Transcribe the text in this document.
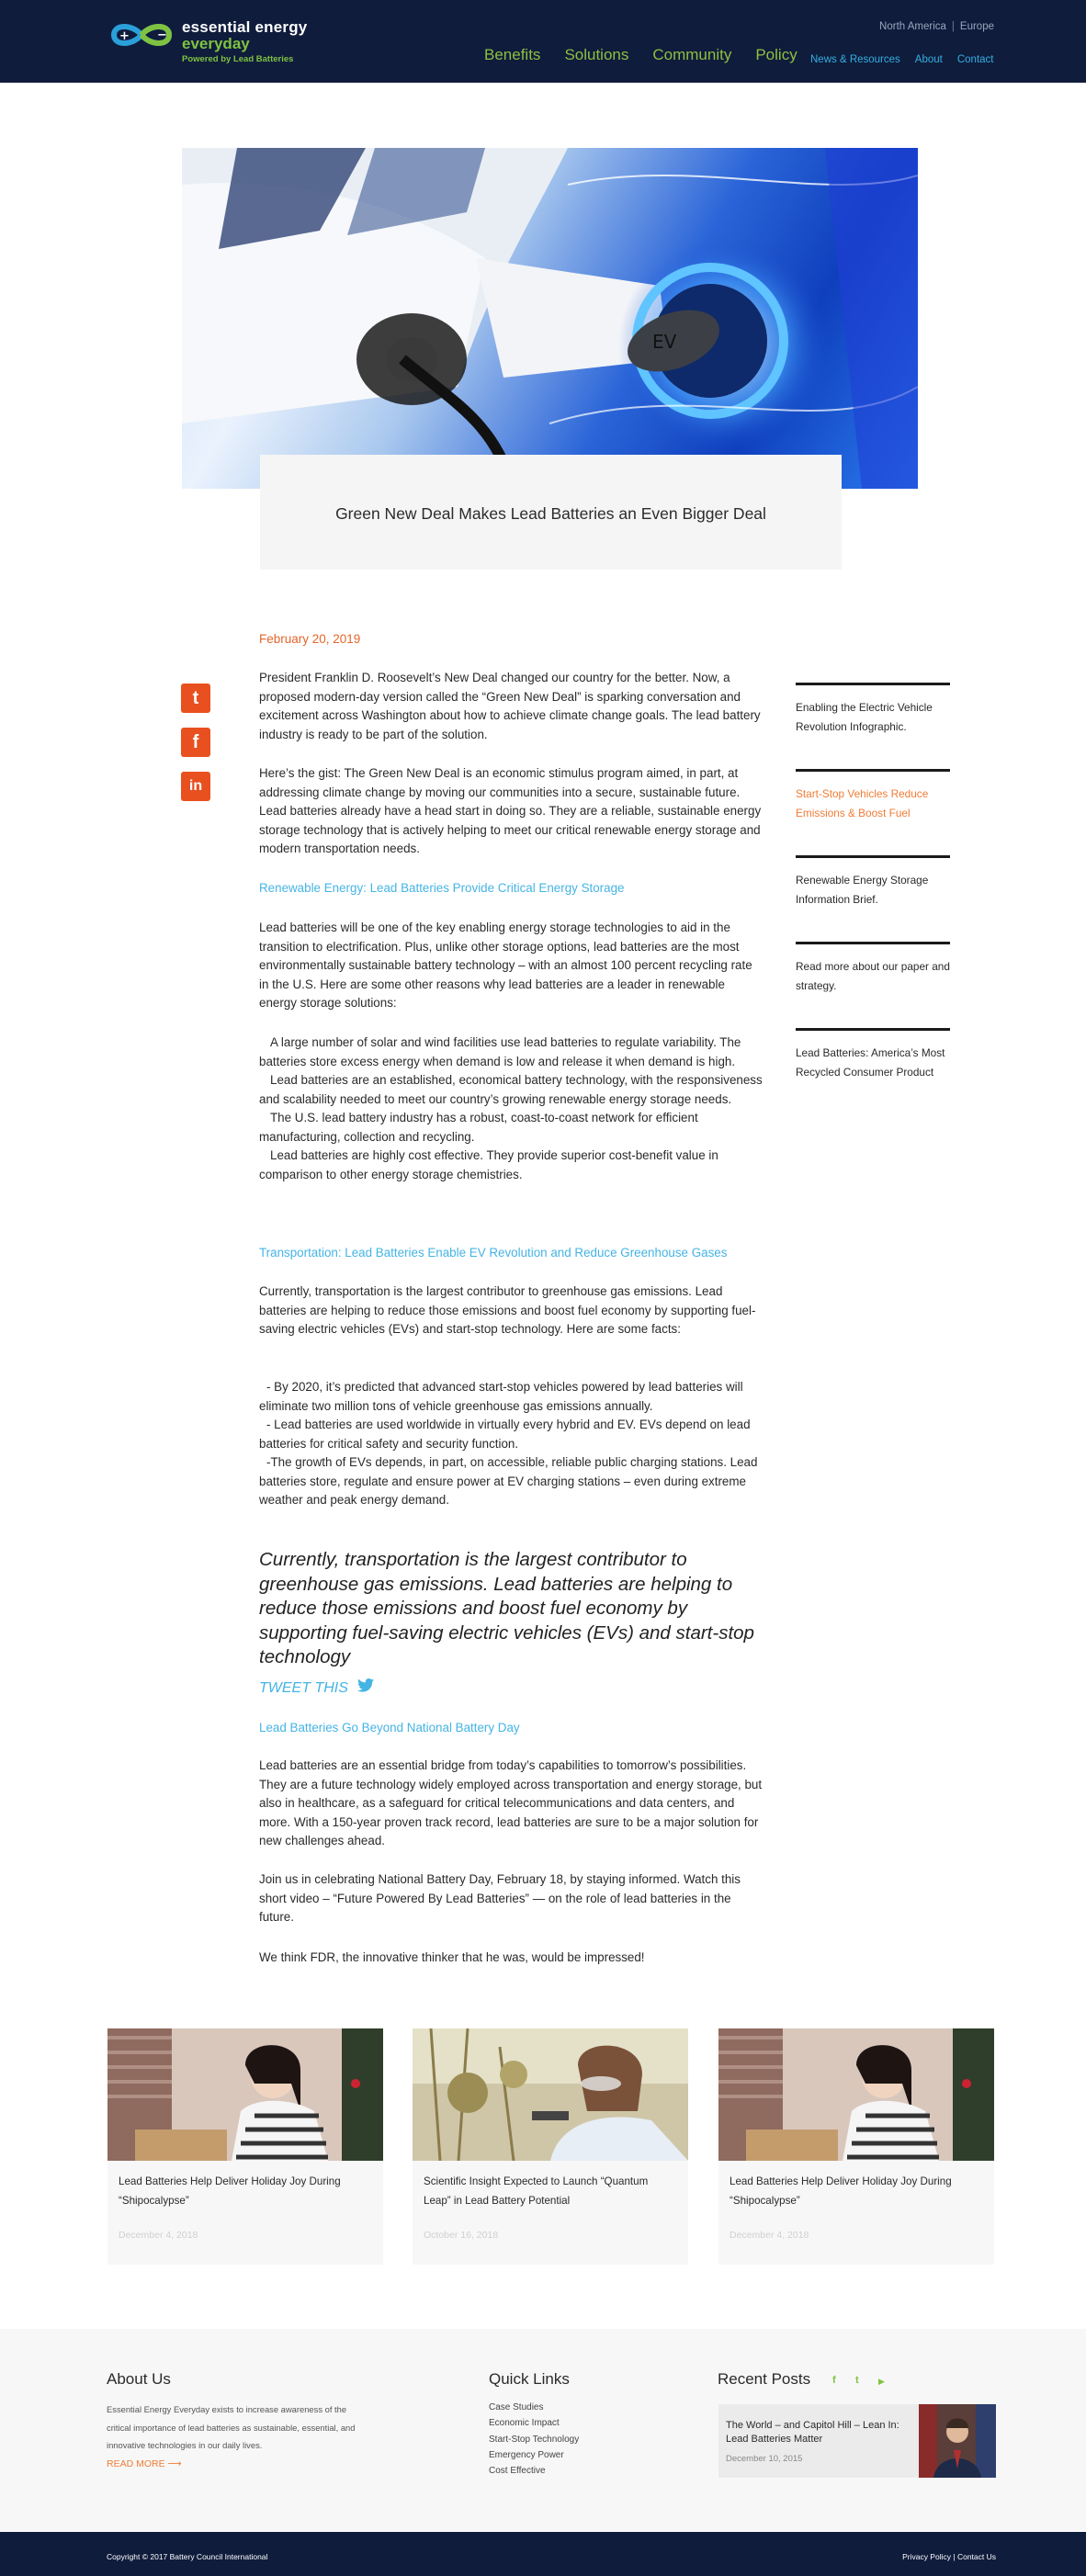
+ − essential energy
everyday
Powered by Lead Batteries
North America | Europe
Benefits Solutions Community Policy	News & Resources About Contact
EV
Green New Deal Makes Lead Batteries an Even Bigger Deal
t
f
in
February 20, 2019

President Franklin D. Roosevelt’s New Deal changed our country for the better. Now, a proposed modern-day version called the “Green New Deal” is sparking conversation and excitement across Washington about how to achieve climate change goals. The lead battery industry is ready to be part of the solution.

Here’s the gist: The Green New Deal is an economic stimulus program aimed, in part, at addressing climate change by moving our communities into a secure, sustainable future. Lead batteries already have a head start in doing so. They are a reliable, sustainable energy storage technology that is actively helping to meet our critical renewable energy storage and modern transportation needs.

Renewable Energy: Lead Batteries Provide Critical Energy Storage

Lead batteries will be one of the key enabling energy storage technologies to aid in the transition to electrification. Plus, unlike other storage options, lead batteries are the most environmentally sustainable battery technology – with an almost 100 percent recycling rate in the U.S. Here are some other reasons why lead batteries are a leader in renewable energy storage solutions:

A large number of solar and wind facilities use lead batteries to regulate variability. The batteries store excess energy when demand is low and release it when demand is high.
Lead batteries are an established, economical battery technology, with the responsiveness and scalability needed to meet our country’s growing renewable energy storage needs.
The U.S. lead battery industry has a robust, coast-to-coast network for efficient manufacturing, collection and recycling.
Lead batteries are highly cost effective. They provide superior cost-benefit value in comparison to other energy storage chemistries.
Transportation: Lead Batteries Enable EV Revolution and Reduce Greenhouse Gases

Currently, transportation is the largest contributor to greenhouse gas emissions. Lead batteries are helping to reduce those emissions and boost fuel economy by supporting fuel-saving electric vehicles (EVs) and start-stop technology. Here are some facts:

- By 2020, it’s predicted that advanced start-stop vehicles powered by lead batteries will eliminate two million tons of vehicle greenhouse gas emissions annually.
- Lead batteries are used worldwide in virtually every hybrid and EV. EVs depend on lead batteries for critical safety and security function.
-The growth of EVs depends, in part, on accessible, reliable public charging stations. Lead batteries store, regulate and ensure power at EV charging stations – even during extreme weather and peak energy demand.
Currently, transportation is the largest contributor to greenhouse gas emissions. Lead batteries are helping to reduce those emissions and boost fuel economy by supporting fuel-saving electric vehicles (EVs) and start-stop technology
TWEET THIS
Lead Batteries Go Beyond National Battery Day

Lead batteries are an essential bridge from today’s capabilities to tomorrow’s possibilities. They are a future technology widely employed across transportation and energy storage, but also in healthcare, as a safeguard for critical telecommunications and data centers, and more. With a 150-year proven track record, lead batteries are sure to be a major solution for new challenges ahead.

Join us in celebrating National Battery Day, February 18, by staying informed. Watch this short video – “Future Powered By Lead Batteries” — on the role of lead batteries in the future.

We think FDR, the innovative thinker that he was, would be impressed!

Enabling the Electric Vehicle Revolution Infographic.
Start-Stop Vehicles Reduce Emissions & Boost Fuel
Renewable Energy Storage Information Brief.
Read more about our paper and strategy.
Lead Batteries: America’s Most Recycled Consumer Product
Lead Batteries Help Deliver Holiday Joy During “Shipocalypse”
December 4, 2018
Scientific Insight Expected to Launch “Quantum Leap” in Lead Battery Potential
October 16, 2018
Lead Batteries Help Deliver Holiday Joy During “Shipocalypse”
December 4, 2018
About Us
Essential Energy Everyday exists to increase awareness of the critical importance of lead batteries as sustainable, essential, and innovative technologies in our daily lives.
READ MORE ⟶
Quick Links
Case Studies
Economic Impact
Start-Stop Technology
Emergency Power
Cost Effective
Recent Posts f t ▶
The World – and Capitol Hill – Lean In: Lead Batteries Matter
December 10, 2015
Copyright © 2017 Battery Council International	Privacy Policy | Contact Us
